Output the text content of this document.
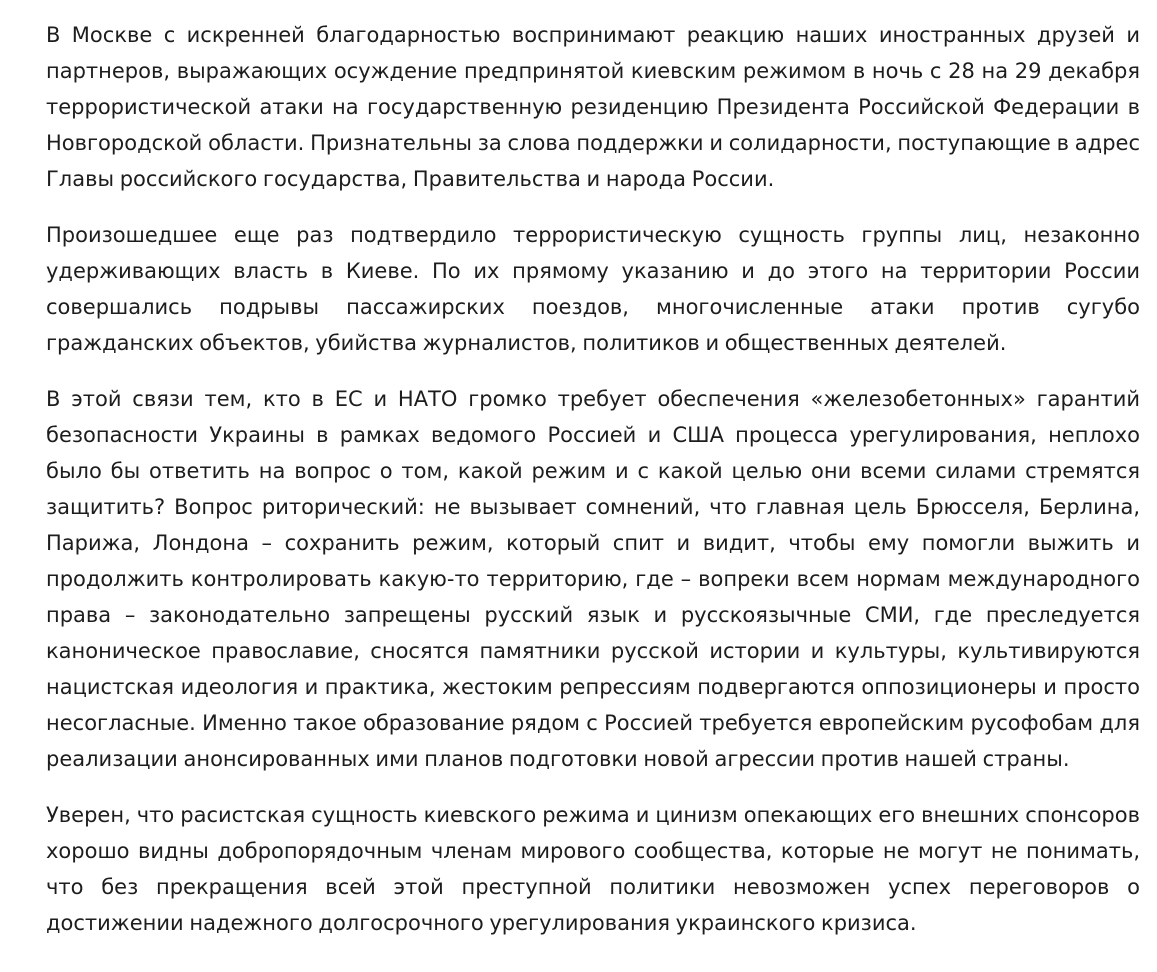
В Москве с искренней благодарностью воспринимают реакцию наших иностранных друзей и партнеров, выражающих осуждение предпринятой киевским режимом в ночь с 28 на 29 декабря террористической атаки на государственную резиденцию Президента Российской Федерации в Новгородской области. Признательны за слова поддержки и солидарности, поступающие в адрес Главы российского государства, Правительства и народа России.

Произошедшее еще раз подтвердило террористическую сущность группы лиц, незаконно удерживающих власть в Киеве. По их прямому указанию и до этого на территории России совершались подрывы пассажирских поездов, многочисленные атаки против сугубо гражданских объектов, убийства журналистов, политиков и общественных деятелей.

В этой связи тем, кто в ЕС и НАТО громко требует обеспечения «железобетонных» гарантий безопасности Украины в рамках ведомого Россией и США процесса урегулирования, неплохо было бы ответить на вопрос о том, какой режим и с какой целью они всеми силами стремятся защитить? Вопрос риторический: не вызывает сомнений, что главная цель Брюсселя, Берлина, Парижа, Лондона – сохранить режим, который спит и видит, чтобы ему помогли выжить и продолжить контролировать какую-то территорию, где – вопреки всем нормам международного права – законодательно запрещены русский язык и русскоязычные СМИ, где преследуется каноническое православие, сносятся памятники русской истории и культуры, культивируются нацистская идеология и практика, жестоким репрессиям подвергаются оппозиционеры и просто несогласные. Именно такое образование рядом с Россией требуется европейским русофобам для реализации анонсированных ими планов подготовки новой агрессии против нашей страны.

Уверен, что расистская сущность киевского режима и цинизм опекающих его внешних спонсоров хорошо видны добропорядочным членам мирового сообщества, которые не могут не понимать, что без прекращения всей этой преступной политики невозможен успех переговоров о достижении надежного долгосрочного урегулирования украинского кризиса.
